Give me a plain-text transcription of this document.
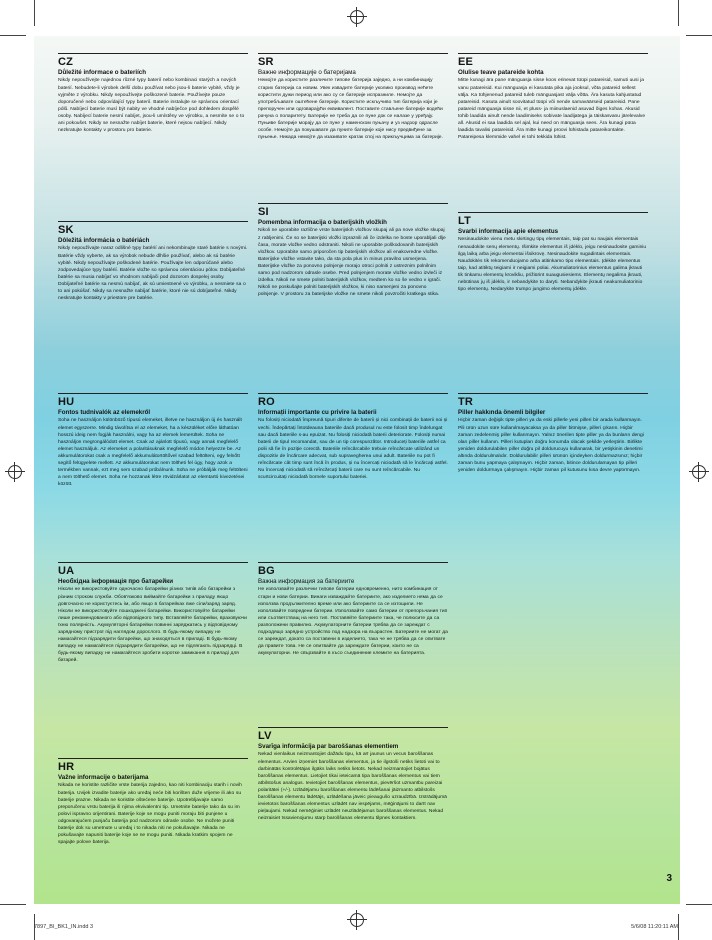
CZ
Důležité informace o bateriích

Nikdy nepoužívejte najednou různé typy baterií nebo kombinaci starých a nových baterií. Nebudete-li výrobek delší dobu používat nebo jsou-li baterie vybité, vždy je vyjměte z výrobku. Nikdy nepoužívejte poškozené baterie. Používejte pouze doporučené nebo odpovídající typy baterií. Baterie instalujte se správnou orientací pólů. Nabíjecí baterie musí být nabity ve vhodné nabíječce pod dohledem dospělé osoby. Nabíjecí baterie nesmí nabíjet, jsou-li umístěny ve výrobku, a nesmíte se o to ani pokoušet. Nikdy se nesnažte nabíjet baterie, které nejsou nabíjecí. Nikdy nezkratujte kontakty v prostoru pro baterie.

SK
Dôležitá informácia o batériách

Nikdy nepoužívajte naraz odlišné typy batérií ani nekombinujte staré batérie s novými. Batérie vždy vyberte, ak sa výrobok nebude dlhšie používať, alebo ak sú batérie vybité. Nikdy nepoužívajte poškodené batérie. Používajte len odporúčané alebo zodpovedajúce typy batérií. Batérie vložte so správnou orientáciou pólov. Dobíjateľné batérie sa musia nabíjať vo vhodnom nabíjači pod dozorom dospelej osoby. Dobíjateľné batérie sa nesmú nabíjať, ak sú umiestnené vo výrobku, a nesmiete sa o to ani pokúšať. Nikdy sa nesnažte nabíjať batérie, ktoré nie sú dobíjateľné. Nikdy neskratujte kontakty v priestore pre batérie.

HU
Fontos tudnivalók az elemekről

Soha ne használjon különböző típusú elemeket, illetve ne használjon új és használt elemet egyszerre. Mindig távolítsa el az elemeket, ha a készüléket előre láthatóan hosszú ideig nem fogják használni, vagy ha az elemek lemerültek. Soha ne használjon megrongálódott elemet. Csak az ajánlott típusú, vagy annak megfelelő elemet használjuk. Az elemeket a polaritásuknak megfelelő módon helyezze be. Az akkumulátorokat csak a megfelelő akkumulátortöltővel szabad feltölteni, egy felnőtt segítő felügyelete mellett. Az akkumulátorokat nem töltheti fel úgy, hogy azok a termékben vannak, ezt meg sem szabad próbálnunk. Soha ne próbálják meg feltölteni a nem tölthető elemet. Soha ne hozzanak létre rövidzárlatot az elemtartó kivezetései között.

UA
Необхідна інформація про батарейки

Ніколи не використовуйте одночасно батарейки різних типів або батарейки з різним строком служби. Обов'язково виймайте батарейки з приладу якщо довгочасно не користуєтесь ім, або якщо в батарейках вже сіли/заряд заряд. Ніколи не використовуйте пошкоджені батарейки. Використовуйте батарейки лише рекомендованого або відповідного типу. Вставляйте батарейки, враховуючи їхню полярність. Акумуляторні батарейки повинні заряджатись у відповідному зарядному пристрої під наглядом дорослого. В будь-якому випадку не намагайтеся підзарядити батарейки, що знаходяться в приладі. В будь-якому випадку не намагайтеся підзарядити батарейки, що не підлягають підзарядці. В будь-якому випадку не намагайтеся зробити коротке замикання в приладі для батарей.

HR
Važne informacije o baterijama

Nikada ne koristite različite vrste baterija zajedno, kao niti kombinaciju starih i novih baterija. Uvijek izvadite baterije ako uređaj neće biti korišten duže vrijeme ili ako su baterije prazne. Nikada ne koristite oštećene baterije. Upotrebljavajte samo preporučenu vrstu baterija ili njima ekvivalentni tip. Umetnite baterije tako da su im polovi ispravno orijentirani. Baterije koje se mogu puniti moraju biti punjene u odgovarajućem punjaču baterija pod nadzorom odrasle osobe. Ne možete puniti baterije dok su umetnute u uređaj i to nikada niti ne pokušavajte. Nikada ne pokušavajte napuniti baterije koje se ne mogu puniti. Nikada kratkim spojem ne spajajte polove baterija.

SR
Важне информације о батеријама

Немојте да користите различите типове батерија заједно, а ни комбинацију старих батерија са новим. Увек извадите батерије уколико производ нећете користити дужи период или ако су се батерије испразниле. Немојте да употребљавате оштећене батерије. Користите искључиво тип батерија који је препоручен или одговарајући еквивалент. Поставите стављене батерије водећи рачуна о поларитету. Батерије не треба да се пуне док се налазе у уређају. Пуњиве батерије морају да се пуне у наменском пуњачу и уз надзор одрасле особе. Немојте да покушавате да пуните батерије које нису предвиђене за пуњење. Никада немојте да изазивате кратак спој на прикључцима за батерије.

SI
Pomembna informacija o baterijskih vložkih

Nikoli ne uporabite različne vrste baterijskih vložkov skupaj ali pa nove vložke skupaj z rabljenimi. Če so se baterijski vložki izpraznili ali če izdelka ne boste uporabljali dlje časa, morate vložke vedno odstraniti. Nikoli ne uporabite poškodovanih baterijskih vložkov. Uporabite samo priporočen tip baterijskih vložkov ali enakovredne vložke. Baterijske vložke vstavite tako, da sta pola plus in minus pravilno usmerjena. Baterijske vložke za ponovno polnjenje morajo otroci polniti z ustreznim polnilnim samo pod nadzorom odrasle osebe. Pred polnjenjem morate vložke vedno izvleči iz izdelka. Nikoli ne smete polniti baterijskih vložkov, medtem ko so še vedno v igrači. Nikoli ne poskušajte polniti baterijskih vložkov, ki niso namenjeni za ponovno polnjenje. V prostoru za baterijske vložke ne smete nikoli povzročiti kratkega stika.

RO
Informații importante cu privire la baterii

Nu folosiți niciodată împreună tipuri diferite de baterii și nici combinații de baterii noi și vechi. Îndepărtați întotdeauna bateriile dacă produsul nu este folosit timp îndelungat sau dacă bateriile s-au epuizat. Nu folosiți niciodată baterii deteriorate. Folosiți numai baterii de tipul recomandat, sau de un tip corespunzător. Introduceți bateriile astfel ca polii să fie în poziție corectă. Bateriile reîncărcabile trebuie reîncărcate utilizând un dispozitiv de încărcare adecvat, sub supravegherea unui adult. Bateriile nu pot fi reîncărcate cât timp sunt încă în produs, și nu încercați niciodată să le încărcați astfel. Nu încercați niciodată să reîncărcați baterii care nu sunt reîncărcabile. Nu scurtcircuitați niciodată bornele suportului bateriei.

BG
Важна информация за батериите

Не използвайте различни типове батерии едновременно, нито комбинация от стари и нови батерии. Винаги изваждайте батериите, ако изделието няма да се използва продължително време или ако батериите са се изтощили. Не използвайте повредени батерии. Използвайте само батерии от препоръчания тип или съответстващ на него тип. Поставяйте батериите така, че полюсите да са разположени правилно. Акумулаторните батерии трябва да се зареждат с подходящо зарядно устройство под надзора на възрастен. Батериите не могат да се зареждат, докато са поставени в изделието, така че не трябва да се опитвате да правите това. Не се опитвайте да зареждате батерии, които не са акумулаторни. Не свързвайте в късо съединение клемите на батерията.

LV
Svarīga informācija par baroššanas elementiem

Nekad vienlaikus neizmantojiet dažādu tipu, kā arī jaunus un vecus baroššanas elementus. Arvien izņemiet baroššanas elementus, ja tie ilgstoši netiks lietoti vai to darbinātās kontrolētājas ilgāks laiks netiks lietots. Nekad neizmantojiet bojātus baroššanas elementus. Lietojiet tikai ieteicamā tipa baroššanas elementus vai tiem atbilstošus analogus. Ievietojiet baroššanas elementus, pievēršot uzmanību pareizai polaritātei (+/-). Uzlādējamu baroššanas elementu lādēšanai jāizmanto atbilstošs baroššanas elementu lādētājs, uzlādēšana jāveic pieaugušo uzraudzībā. Izstrādājumā ievietotos baroššanas elementus uzlādēt nav iespējams, mēģinājumi to darīt nav pieļaujami. Nekad nemēģiniet uzlādēt neuzlādējamus baroššanas elementus. Nekad neizraisiet īssavienojumu starp baroššanas elementu tilpnes kontaktiem.

EE
Olulise teave patareide kohta

Mitte kunagi ära pane mänguasja sisse koos erinevat tüüpi patareisid, samuti uusi ja vanu patareisid. Kui mänguasja ei kasutata pika aja jooksul, võta patareid sellest välja. Ka tühjenenud patareid tuleb mänguasjast välja võtta. Ära kasuta kahjustatud patareisid. Kasuta ainult soovitatud tüüpi või nende samaväärseid patareisid. Pane patareid mänguasja sisse nii, et pluss- ja miinuslaenid asuvad õiges kohas. Akusid tohib laadida ainult nende laadimiseks sobivate laadijatega ja täiskasvanu järelevalve all. Akusid ei saa laadida sel ajal, kui need on mänguasja sees. Ära kunagi püüa laadida tavalisi patareisid. Ära mitte kunagi proovi lühistada patareikontakte. Patareipesa klemmide vahel ei tohi tekkida lühist.

LT
Svarbi informacija apie elementus

Nesinaudokite vienu metu skirtingų tipų elementais, taip pat su naujais elementais nenaudokite senų elementų. Išimkite elementus iš įdėklo, jeigu nesinaudosite gaminiu ilgą laiką arba jeigu elementai išsikrovę. Nesinaudokite sugadintais elementais. Naudokitės tik rekomenduojamo arba atitinkamo tipo elementais. Įdėkite elementus taip, kad atitiktų teigiami ir neigiami poliai. Akumuliatorinius elementus galima įkrauti tik tinkamu elementų krovikliu, prižiūrint suaugusiesiems. Elementų negalima įkrauti, nebūtinas jų iš įdėklo, ir nebandykite to daryti. Nebandykite įkrauti neakumuliatorinio tipo elementų. Nedarykite trumpo jungimo elementų įdėkle.

TR
Piller hakkında önemli bilgiler

Hiçbir zaman değişik tipte pilleri ya da eski pillerle yeni pilleri bir arada kullanmayın. Pili ürün uzun süre kullanılmayacaksa ya da piller bitmişse, pilleri çıkarın. Hiçbir zaman zedelenmiş piller kullanmayın. Yalnız önerilen tipte piller ya da bunların dengi olan piller kullanın. Pilleri kutupları doğru konumda olacak şekilde yerleştirin. Birlikte yeniden doldurulabilen piller doğru pil doldurucuyu kullanarak, bir yetişkinin denetimi altında doldurulmalıdır. Doldurulabilir pilleri ürünün içindeyken doldurmazsınız; hiçbir zaman bunu yapmaya çalışmayın. Hiçbir zaman, bitince doldurulamayan tip pilleri yeniden doldurmaya çalışmayın. Hiçbir zaman pil kutusunu kısa devre yaptırmayın.

3
7897_BI_BK1_IN.indd 3	5/6/08 11:20:11 AM
